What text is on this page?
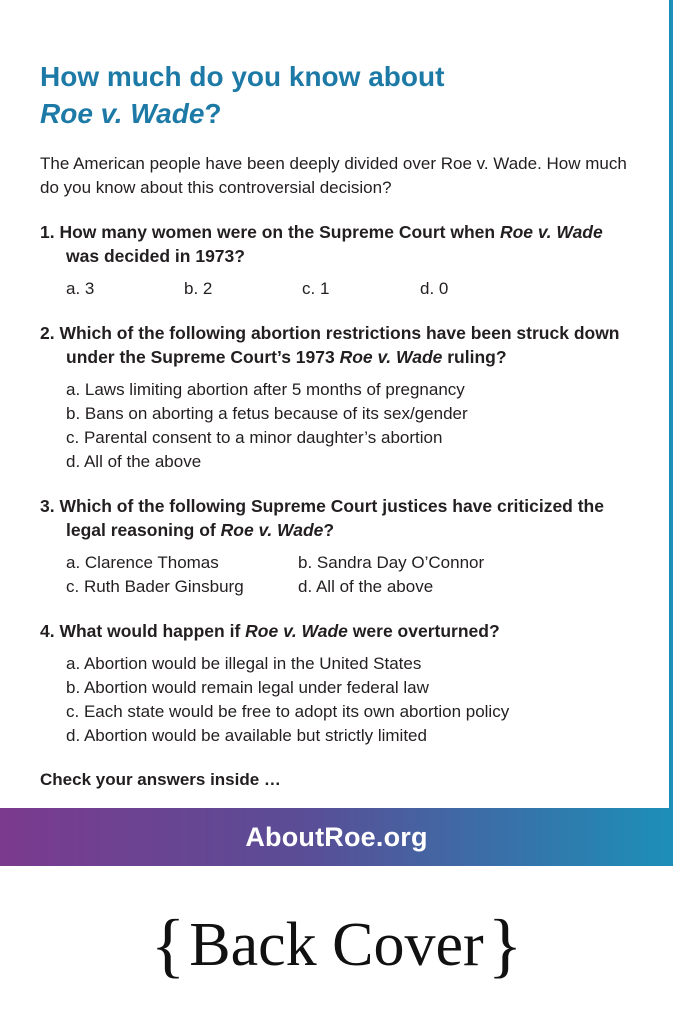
How much do you know about
Roe v. Wade?

The American people have been deeply divided over Roe v. Wade. How much do you know about this controversial decision?

1. How many women were on the Supreme Court when Roe v. Wade was decided in 1973?
a. 3	b. 2	c. 1	d. 0
2. Which of the following abortion restrictions have been struck down under the Supreme Court’s 1973 Roe v. Wade ruling?
a. Laws limiting abortion after 5 months of pregnancy
b. Bans on aborting a fetus because of its sex/gender
c. Parental consent to a minor daughter’s abortion
d. All of the above
3. Which of the following Supreme Court justices have criticized the legal reasoning of Roe v. Wade?
a. Clarence Thomas	b. Sandra Day O’Connor
c. Ruth Bader Ginsburg	d. All of the above
4. What would happen if Roe v. Wade were overturned?
a. Abortion would be illegal in the United States
b. Abortion would remain legal under federal law
c. Each state would be free to adopt its own abortion policy
d. Abortion would be available but strictly limited
Check your answers inside …
AboutRoe.org
{ Back Cover }
